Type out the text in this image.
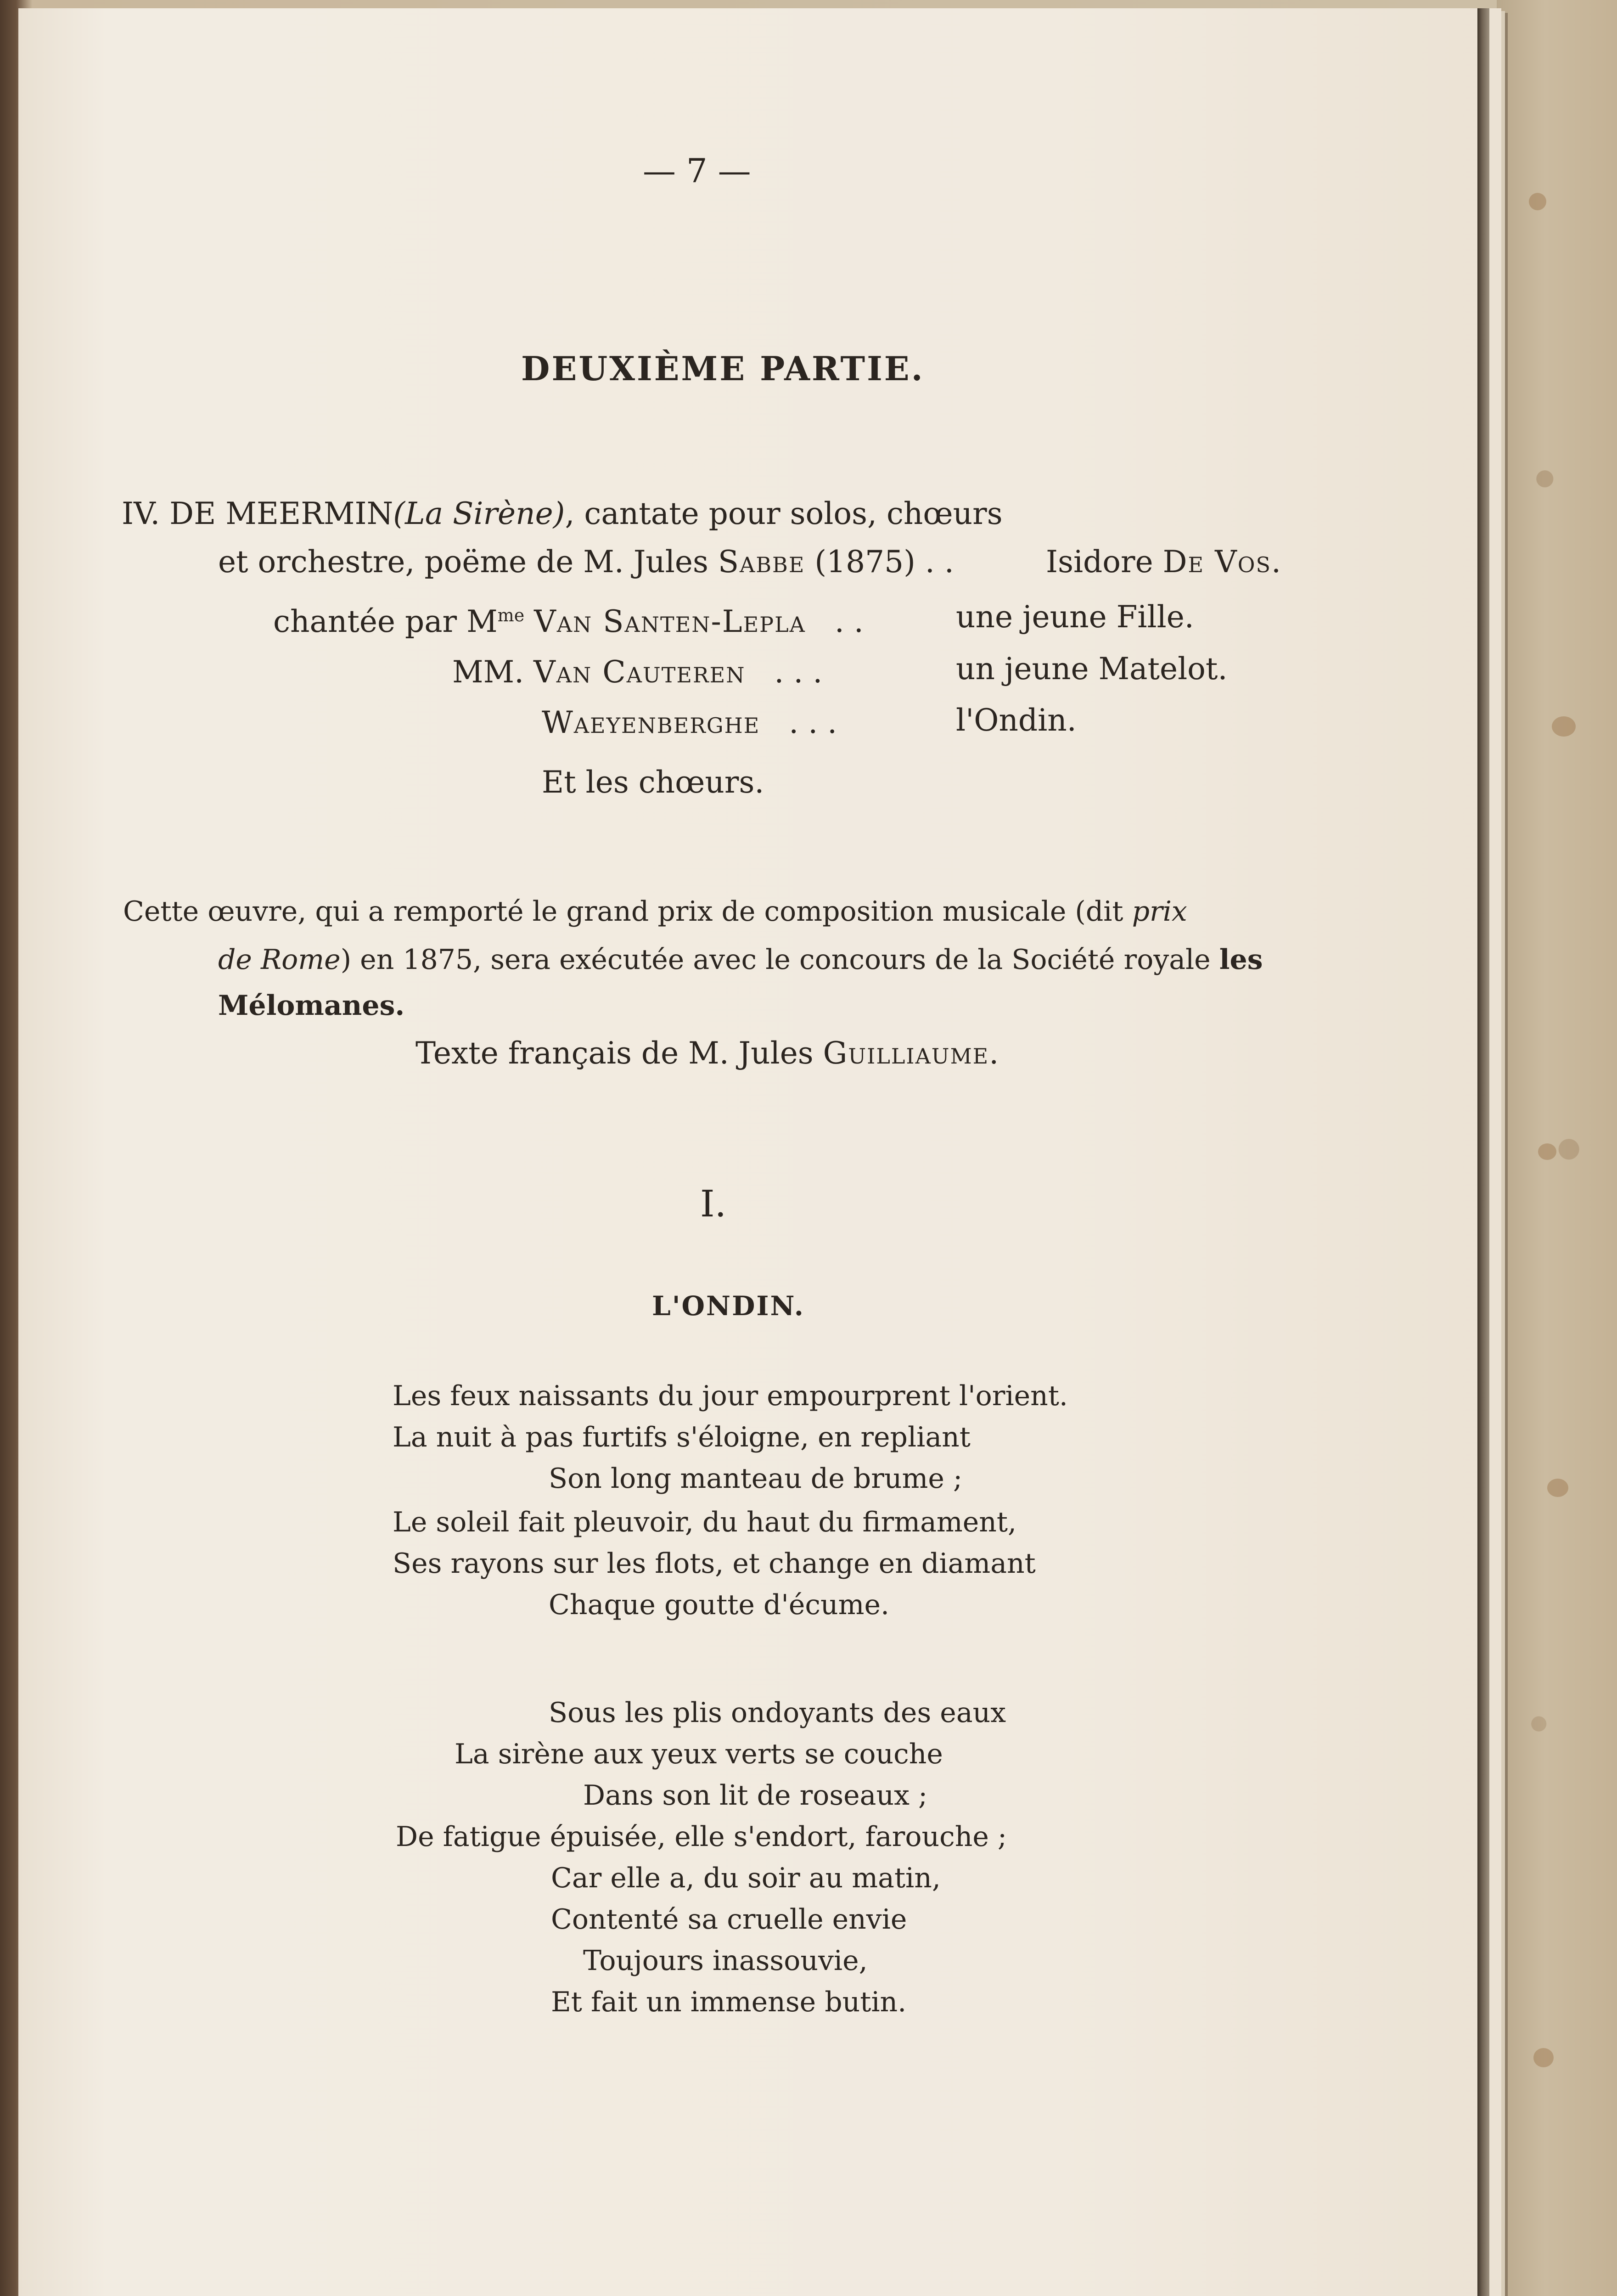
— 7 —
DEUXIÈME PARTIE.
IV. DE MEERMIN(La Sirène), cantate pour solos, chœurs
et orchestre, poëme de M. Jules Sabbe (1875) . .	Isidore De Vos.
chantée par $M^{me}$ Van Santen-Lepla . .	une jeune Fille.
MM. Van Cauteren . . .	un jeune Matelot.
Waeyenberghe . . .	l'Ondin.
Et les chœurs.
Cette œuvre, qui a remporté le grand prix de composition musicale (dit prix
de Rome) en 1875, sera exécutée avec le concours de la Société royale les
Mélomanes.
Texte français de M. Jules Guilliaume.
I.
L'ONDIN.
Les feux naissants du jour empourprent l'orient.
La nuit à pas furtifs s'éloigne, en repliant
Son long manteau de brume ;
Le soleil fait pleuvoir, du haut du firmament,
Ses rayons sur les flots, et change en diamant
Chaque goutte d'écume.
Sous les plis ondoyants des eaux
La sirène aux yeux verts se couche
Dans son lit de roseaux ;
De fatigue épuisée, elle s'endort, farouche ;
Car elle a, du soir au matin,
Contenté sa cruelle envie
Toujours inassouvie,
Et fait un immense butin.
